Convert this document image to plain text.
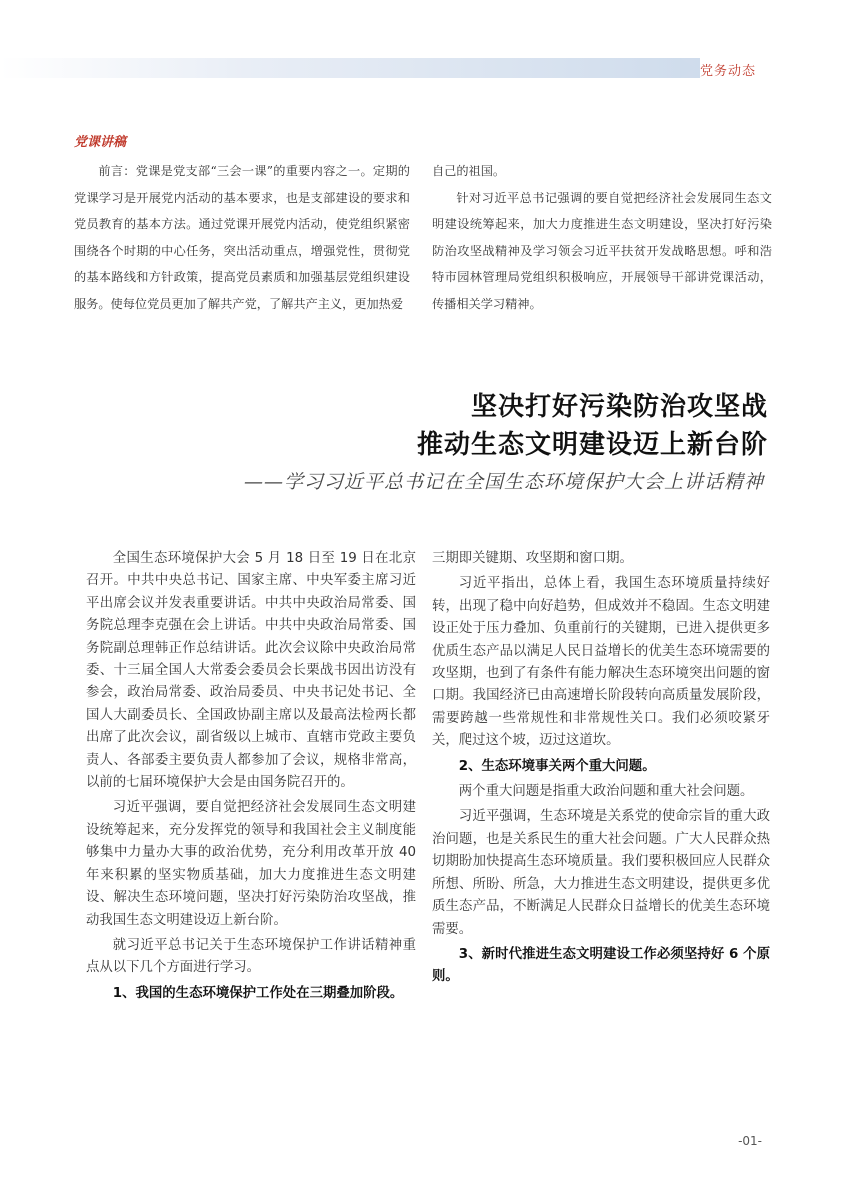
党务动态
党课讲稿

前言：党课是党支部“三会一课”的重要内容之一。定期的党课学习是开展党内活动的基本要求，也是支部建设的要求和党员教育的基本方法。通过党课开展党内活动，使党组织紧密围绕各个时期的中心任务，突出活动重点，增强党性，贯彻党的基本路线和方针政策，提高党员素质和加强基层党组织建设服务。使每位党员更加了解共产党，了解共产主义，更加热爱

自己的祖国。

针对习近平总书记强调的要自觉把经济社会发展同生态文明建设统筹起来，加大力度推进生态文明建设，坚决打好污染防治攻坚战精神及学习领会习近平扶贫开发战略思想。呼和浩特市园林管理局党组织积极响应，开展领导干部讲党课活动，传播相关学习精神。

坚决打好污染防治攻坚战
推动生态文明建设迈上新台阶
——学习习近平总书记在全国生态环境保护大会上讲话精神

全国生态环境保护大会 5 月 18 日至 19 日在北京召开。中共中央总书记、国家主席、中央军委主席习近平出席会议并发表重要讲话。中共中央政治局常委、国务院总理李克强在会上讲话。中共中央政治局常委、国务院副总理韩正作总结讲话。此次会议除中央政治局常委、十三届全国人大常委会委员会长栗战书因出访没有参会，政治局常委、政治局委员、中央书记处书记、全国人大副委员长、全国政协副主席以及最高法检两长都出席了此次会议，副省级以上城市、直辖市党政主要负责人、各部委主要负责人都参加了会议，规格非常高，以前的七届环境保护大会是由国务院召开的。

习近平强调，要自觉把经济社会发展同生态文明建设统筹起来，充分发挥党的领导和我国社会主义制度能够集中力量办大事的政治优势，充分利用改革开放 40 年来积累的坚实物质基础，加大力度推进生态文明建设、解决生态环境问题，坚决打好污染防治攻坚战，推动我国生态文明建设迈上新台阶。

就习近平总书记关于生态环境保护工作讲话精神重点从以下几个方面进行学习。

1、我国的生态环境保护工作处在三期叠加阶段。

三期即关键期、攻坚期和窗口期。

习近平指出，总体上看，我国生态环境质量持续好转，出现了稳中向好趋势，但成效并不稳固。生态文明建设正处于压力叠加、负重前行的关键期，已进入提供更多优质生态产品以满足人民日益增长的优美生态环境需要的攻坚期，也到了有条件有能力解决生态环境突出问题的窗口期。我国经济已由高速增长阶段转向高质量发展阶段，需要跨越一些常规性和非常规性关口。我们必须咬紧牙关，爬过这个坡，迈过这道坎。

2、生态环境事关两个重大问题。

两个重大问题是指重大政治问题和重大社会问题。

习近平强调，生态环境是关系党的使命宗旨的重大政治问题，也是关系民生的重大社会问题。广大人民群众热切期盼加快提高生态环境质量。我们要积极回应人民群众所想、所盼、所急，大力推进生态文明建设，提供更多优质生态产品，不断满足人民群众日益增长的优美生态环境需要。

3、新时代推进生态文明建设工作必须坚持好 6 个原则。

-01-
